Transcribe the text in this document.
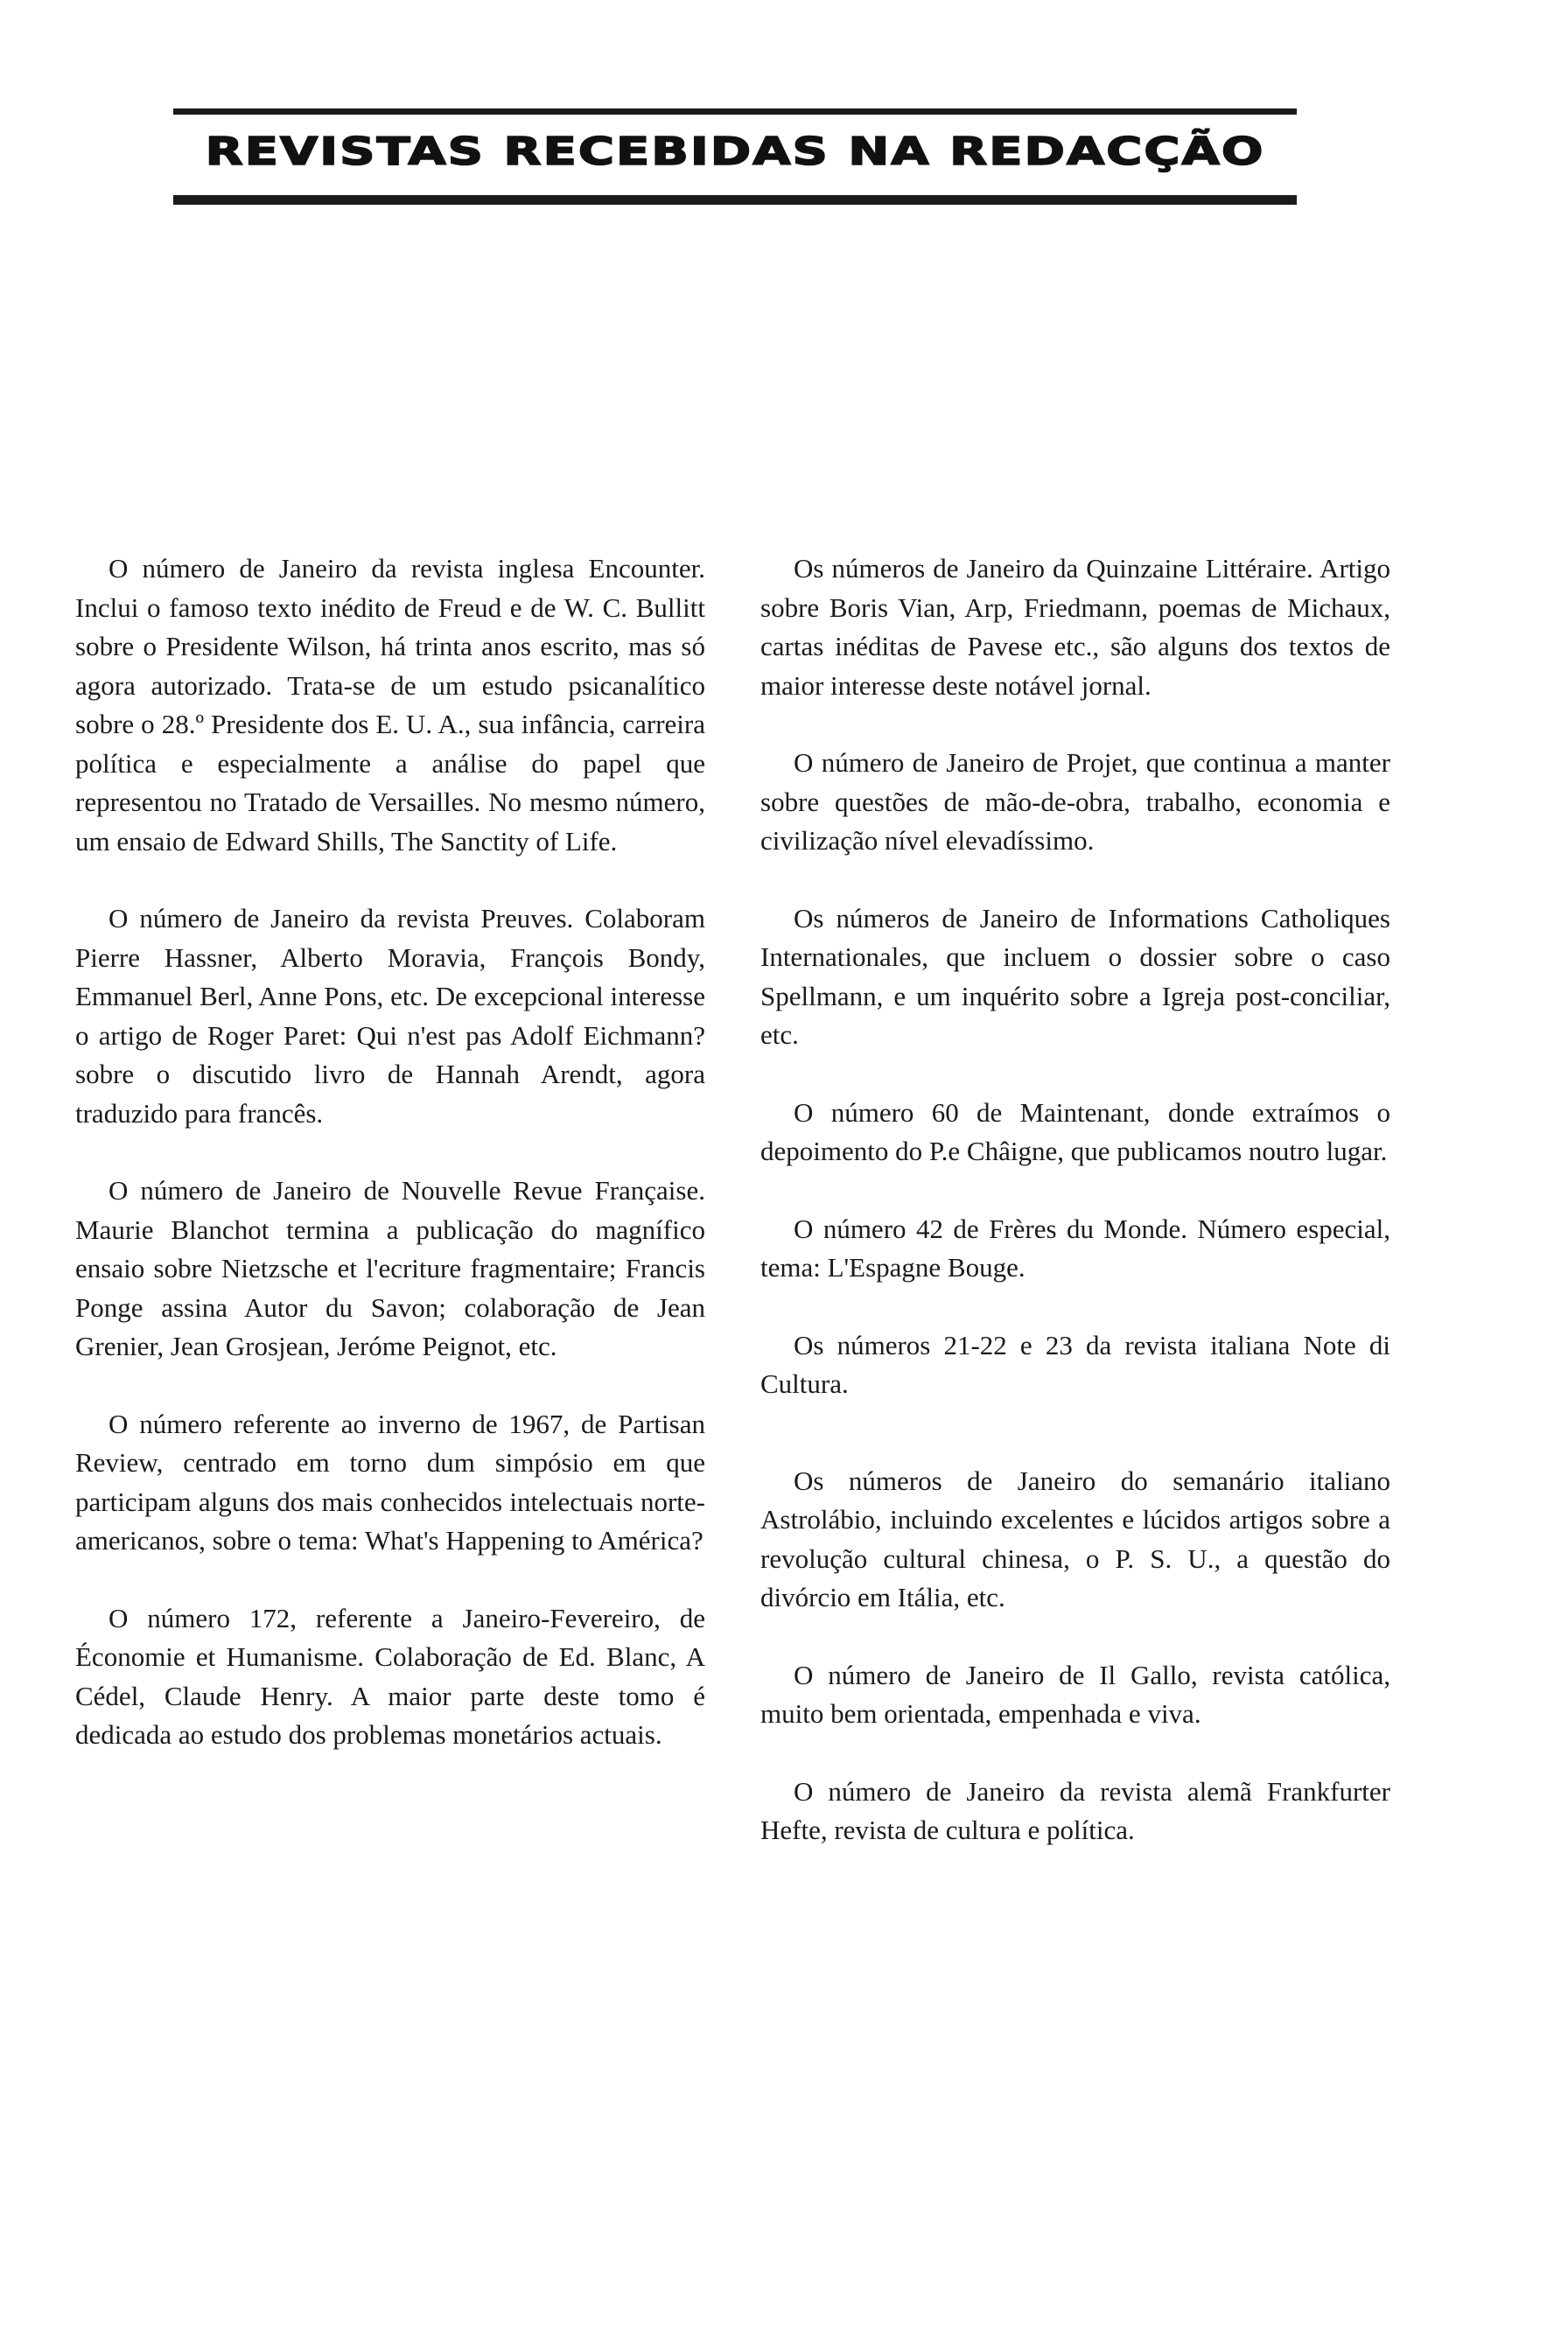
REVISTAS RECEBIDAS NA REDACÇÃO

O número de Janeiro da revista inglesa Encounter. Inclui o famoso texto inédito de Freud e de W. C. Bullitt sobre o Presidente Wilson, há trinta anos escrito, mas só agora autorizado. Trata-se de um estudo psicanalítico sobre o 28.º Presidente dos E. U. A., sua infância, carreira política e especialmente a análise do papel que representou no Tratado de Versailles. No mesmo número, um ensaio de Edward Shills, The Sanctity of Life.

O número de Janeiro da revista Preuves. Colaboram Pierre Hassner, Alberto Moravia, François Bondy, Emmanuel Berl, Anne Pons, etc. De excepcional interesse o artigo de Roger Paret: Qui n'est pas Adolf Eichmann? sobre o discutido livro de Hannah Arendt, agora traduzido para francês.

O número de Janeiro de Nouvelle Revue Française. Maurie Blanchot termina a publicação do magnífico ensaio sobre Nietzsche et l'ecriture fragmentaire; Francis Ponge assina Autor du Savon; colaboração de Jean Grenier, Jean Grosjean, Jeróme Peignot, etc.

O número referente ao inverno de 1967, de Partisan Review, centrado em torno dum simpósio em que participam alguns dos mais conhecidos intelectuais norte-americanos, sobre o tema: What's Happening to América?

O número 172, referente a Janeiro-Fevereiro, de Économie et Humanisme. Colaboração de Ed. Blanc, A Cédel, Claude Henry. A maior parte deste tomo é dedicada ao estudo dos problemas monetários actuais.

Os números de Janeiro da Quinzaine Littéraire. Artigo sobre Boris Vian, Arp, Friedmann, poemas de Michaux, cartas inéditas de Pavese etc., são alguns dos textos de maior interesse deste notável jornal.

O número de Janeiro de Projet, que continua a manter sobre questões de mão-de-obra, trabalho, economia e civilização nível elevadíssimo.

Os números de Janeiro de Informations Catholiques Internationales, que incluem o dossier sobre o caso Spellmann, e um inquérito sobre a Igreja post-conciliar, etc.

O número 60 de Maintenant, donde extraímos o depoimento do P.e Châigne, que publicamos noutro lugar.

O número 42 de Frères du Monde. Número especial, tema: L'Espagne Bouge.

Os números 21-22 e 23 da revista italiana Note di Cultura.

Os números de Janeiro do semanário italiano Astrolábio, incluindo excelentes e lúcidos artigos sobre a revolução cultural chinesa, o P. S. U., a questão do divórcio em Itália, etc.

O número de Janeiro de Il Gallo, revista católica, muito bem orientada, empenhada e viva.

O número de Janeiro da revista alemã Frankfurter Hefte, revista de cultura e política.
